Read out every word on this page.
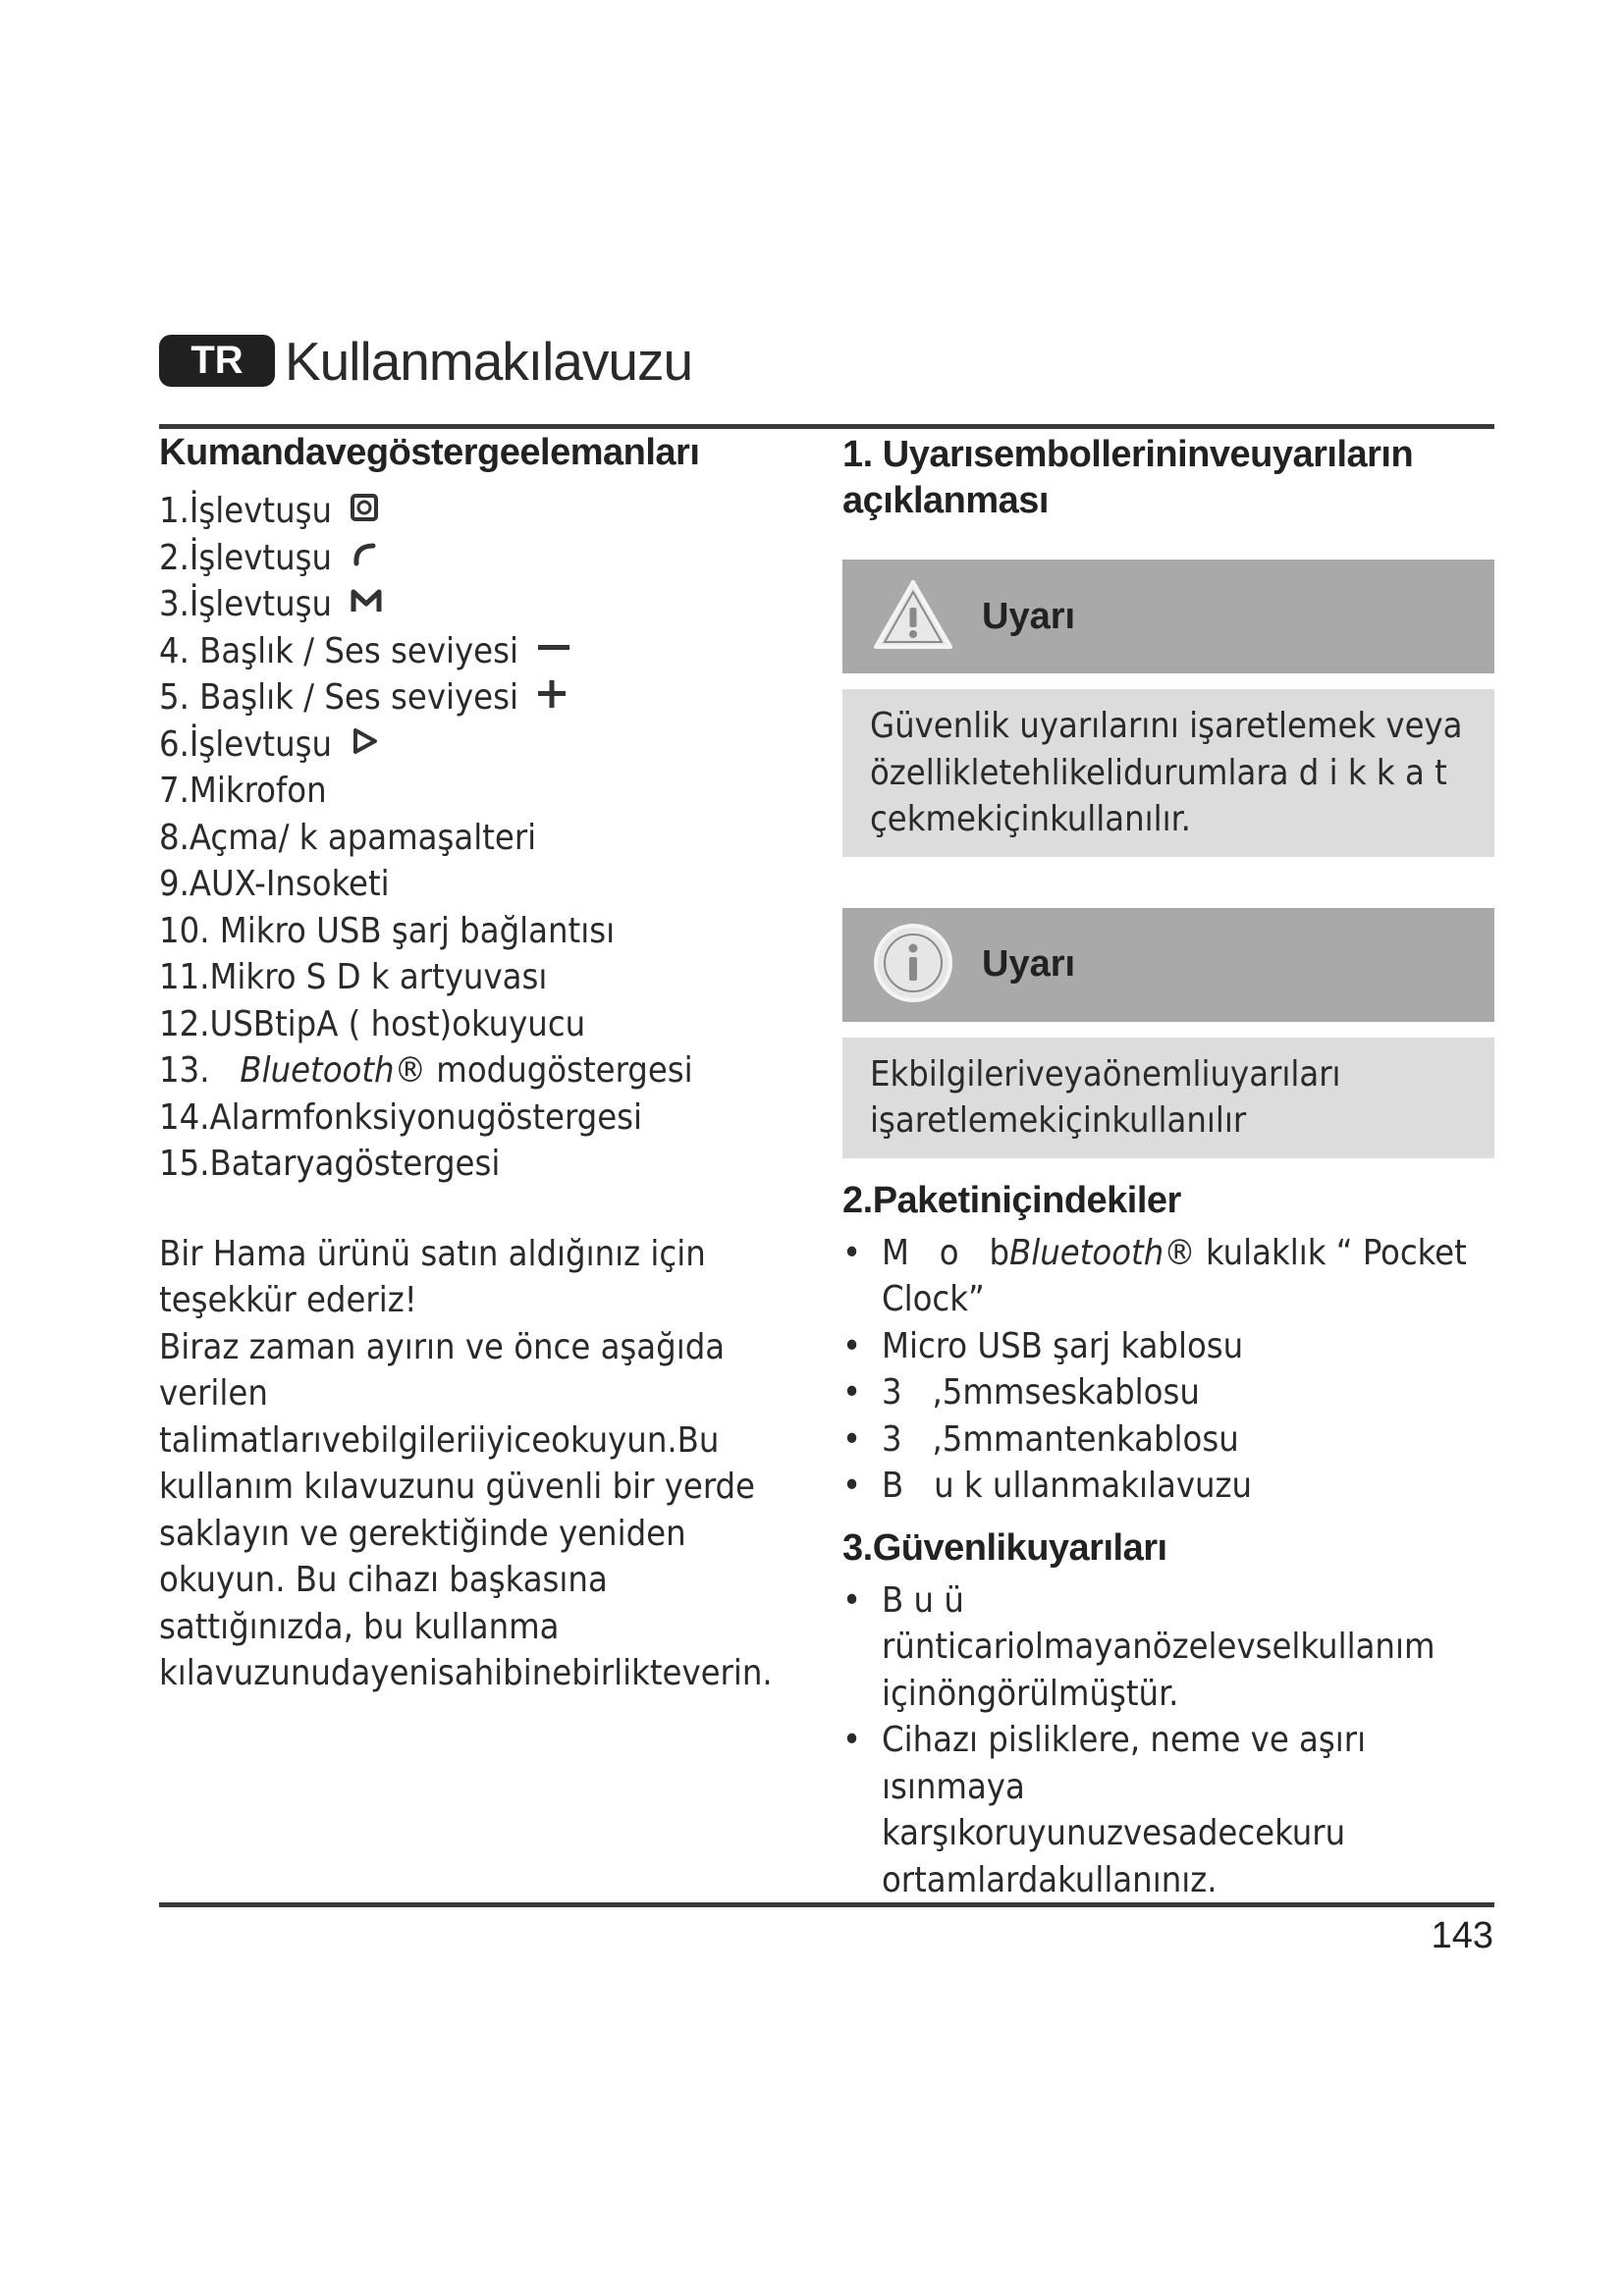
TR Kullanmakılavuzu
Kumandavegöstergeelemanları
1.İşlevtuşu
2.İşlevtuşu
3.İşlevtuşu
4. Başlık / Ses seviyesi
5. Başlık / Ses seviyesi
6.İşlevtuşu
7.Mikrofon
8.Açma/ k apamaşalteri
9.AUX-Insoketi
10. Mikro USB şarj bağlantısı
11.Mikro S D k artyuvası
12.USBtipA ( host)okuyucu
13.
Bluetooth® modugöstergesi
14.Alarmfonksiyonugöstergesi
15.Bataryagöstergesi

Bir Hama ürünü satın aldığınız için teşekkür ederiz!

Biraz zaman ayırın ve önce aşağıda verilen talimatlarıvebilgileriiyiceokuyun.Bu kullanım kılavuzunu güvenli bir yerde saklayın ve gerektiğinde yeniden okuyun. Bu cihazı başkasına sattığınızda, bu kullanma kılavuzunudayenisahibinebirlikteverin.

1. Uyarısembollerininveuyarıların açıklanması
Uyarı
Güvenlik uyarılarını işaretlemek veya özellikletehlikelidurumlara d i k k a t çekmekiçinkullanılır.
Uyarı
Ekbilgileriveyaönemliuyarıları işaretlemekiçinkullanılır
2.Paketiniçindekiler
• M   o   bBluetooth® kulaklık “ Pocket Clock”
• Micro USB şarj kablosu
• 3   ,5mmseskablosu
• 3   ,5mmantenkablosu
• B   u k ullanmakılavuzu
3.Güvenlikuyarıları
• B u ü rünticariolmayanözelevselkullanım içinöngörülmüştür.
• Cihazı pisliklere, neme ve aşırı ısınmaya karşıkoruyunuzvesadecekuru ortamlardakullanınız.
143
